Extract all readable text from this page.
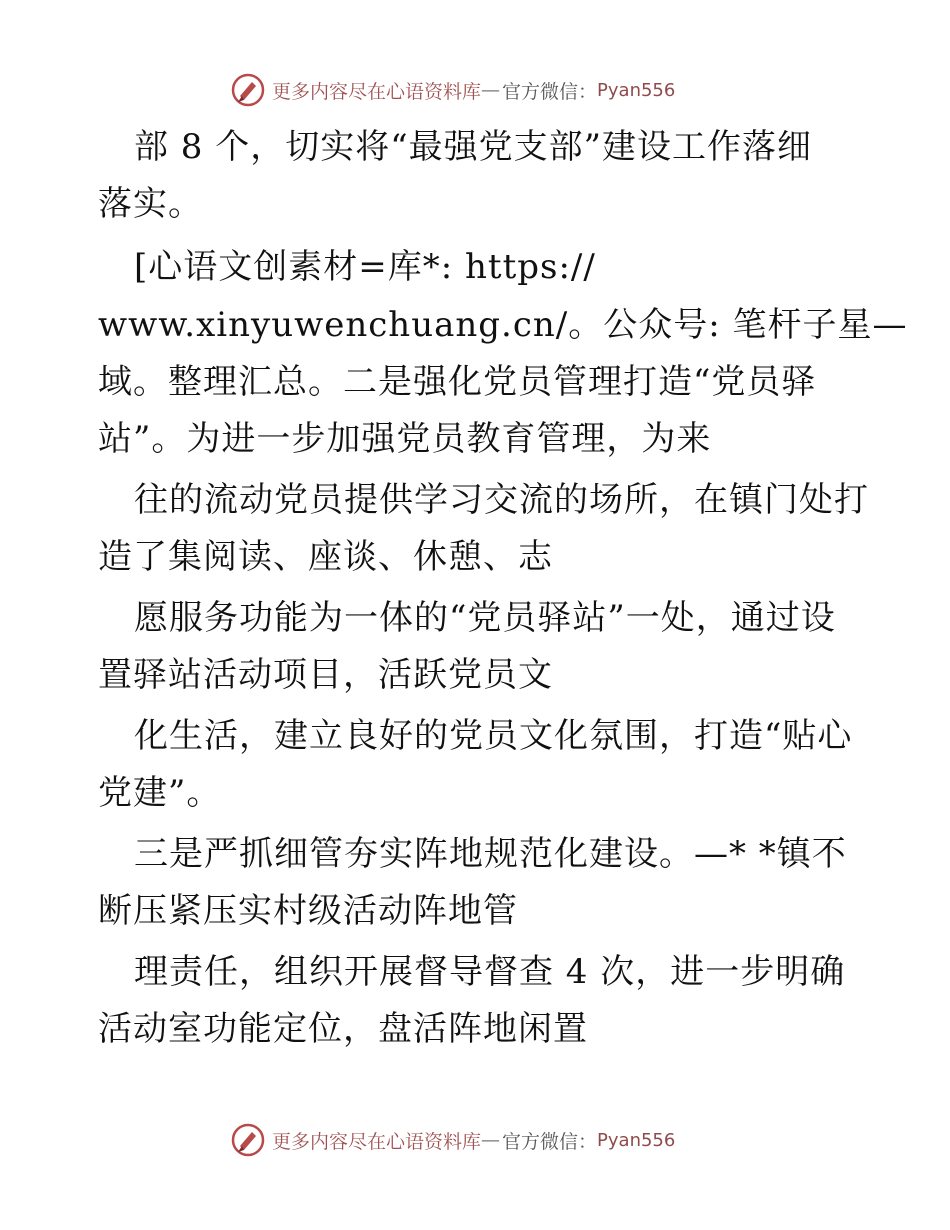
更多内容尽在心语资料库 — 官方微信： Pyan556
部 8 个，切实将“最强党支部”建设工作落细
落实。
[心语文创素材=库*: https://
www.xinyuwenchuang.cn/。公众号: 笔杆子星—
域。整理汇总。二是强化党员管理打造“党员驿
站”。为进一步加强党员教育管理，为来
往的流动党员提供学习交流的场所，在镇门处打
造了集阅读、座谈、休憩、志
愿服务功能为一体的“党员驿站”一处，通过设
置驿站活动项目，活跃党员文
化生活，建立良好的党员文化氛围，打造“贴心
党建”。
三是严抓细管夯实阵地规范化建设。—* *镇不
断压紧压实村级活动阵地管
理责任，组织开展督导督查 4 次，进一步明确
活动室功能定位，盘活阵地闲置
更多内容尽在心语资料库 — 官方微信： Pyan556
